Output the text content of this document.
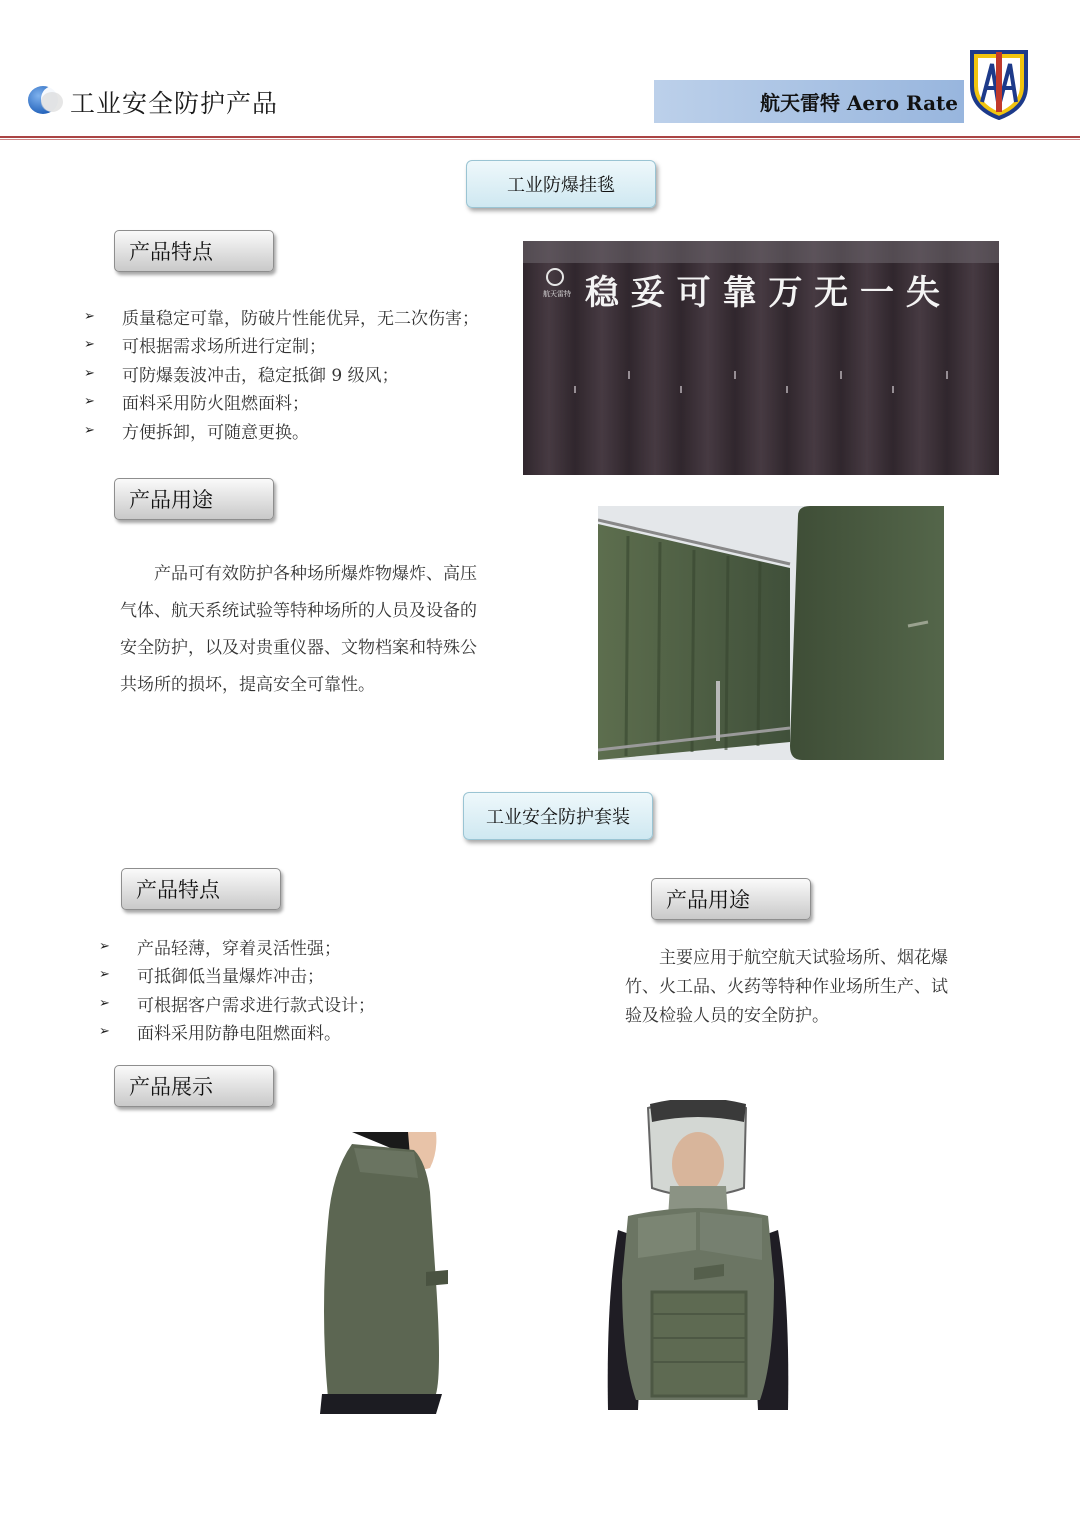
工业安全防护产品	航天雷特 Aero Rate
工业防爆挂毯
产品特点
➢	质量稳定可靠，防破片性能优异，无二次伤害；
➢	可根据需求场所进行定制；
➢	可防爆轰波冲击，稳定抵御 9 级风；
➢	面料采用防火阻燃面料；
➢	方便拆卸，可随意更换。
航天雷特 稳 妥 可 靠 万 无 一 失
产品用途
产品可有效防护各种场所爆炸物爆炸、高压
气体、航天系统试验等特种场所的人员及设备的
安全防护，以及对贵重仪器、文物档案和特殊公
共场所的损坏，提高安全可靠性。
工业安全防护套装
产品特点
➢	产品轻薄，穿着灵活性强；
➢	可抵御低当量爆炸冲击；
➢	可根据客户需求进行款式设计；
➢	面料采用防静电阻燃面料。
产品用途
主要应用于航空航天试验场所、烟花爆
竹、火工品、火药等特种作业场所生产、试
验及检验人员的安全防护。
产品展示
